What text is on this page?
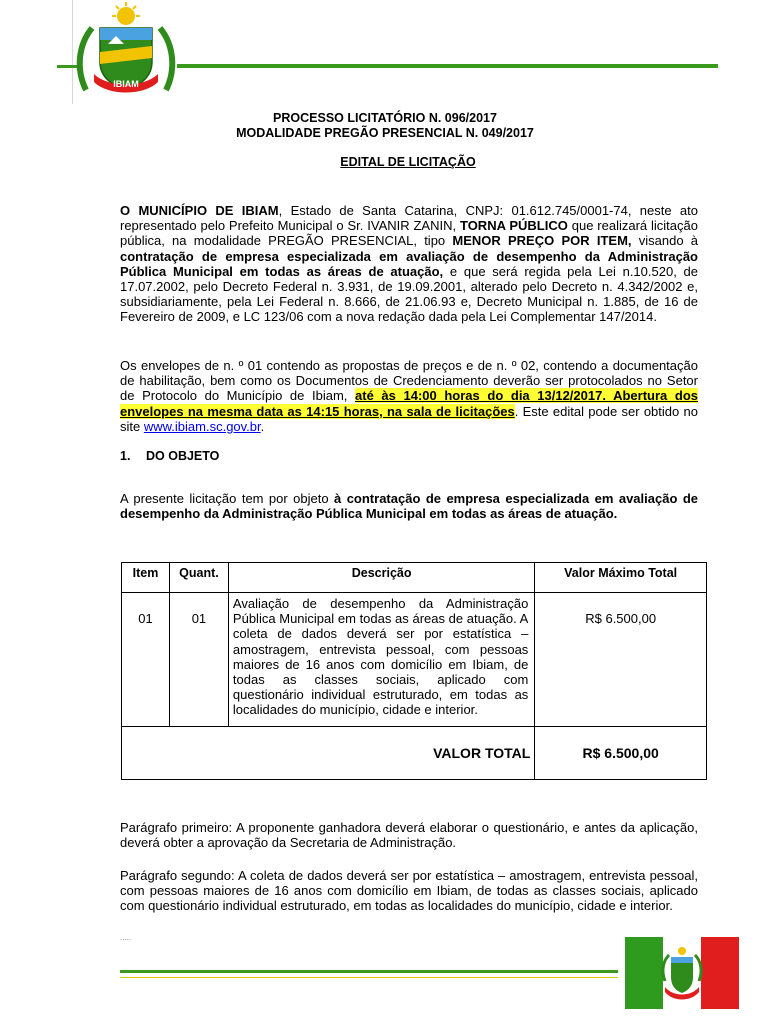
IBIAM
PROCESSO LICITATÓRIO N. 096/2017
MODALIDADE PREGÃO PRESENCIAL N. 049/2017
EDITAL DE LICITAÇÃO
O MUNICÍPIO DE IBIAM, Estado de Santa Catarina, CNPJ: 01.612.745/0001-74, neste ato representado pelo Prefeito Municipal o Sr. IVANIR ZANIN, TORNA PÚBLICO que realizará licitação pública, na modalidade PREGÃO PRESENCIAL, tipo MENOR PREÇO POR ITEM, visando à contratação de empresa especializada em avaliação de desempenho da Administração Pública Municipal em todas as áreas de atuação, e que será regida pela Lei n.10.520, de 17.07.2002, pelo Decreto Federal n. 3.931, de 19.09.2001, alterado pelo Decreto n. 4.342/2002 e, subsidiariamente, pela Lei Federal n. 8.666, de 21.06.93 e, Decreto Municipal n. 1.885, de 16 de Fevereiro de 2009, e LC 123/06 com a nova redação dada pela Lei Complementar 147/2014.
Os envelopes de n. º 01 contendo as propostas de preços e de n. º 02, contendo a documentação de habilitação, bem como os Documentos de Credenciamento deverão ser protocolados no Setor de Protocolo do Município de Ibiam, até às 14:00 horas do dia 13/12/2017. Abertura dos envelopes na mesma data as 14:15 horas, na sala de licitações. Este edital pode ser obtido no site www.ibiam.sc.gov.br.
1. DO OBJETO
A presente licitação tem por objeto à contratação de empresa especializada em avaliação de desempenho da Administração Pública Municipal em todas as áreas de atuação.
Item	Quant.	Descrição	Valor Máximo Total
01	01	Avaliação de desempenho da Administração Pública Municipal em todas as áreas de atuação. A coleta de dados deverá ser por estatística – amostragem, entrevista pessoal, com pessoas maiores de 16 anos com domicílio em Ibiam, de todas as classes sociais, aplicado com questionário individual estruturado, em todas as localidades do município, cidade e interior.	R$ 6.500,00
VALOR TOTAL			R$ 6.500,00
Parágrafo primeiro: A proponente ganhadora deverá elaborar o questionário, e antes da aplicação, deverá obter a aprovação da Secretaria de Administração.
Parágrafo segundo: A coleta de dados deverá ser por estatística – amostragem, entrevista pessoal, com pessoas maiores de 16 anos com domicílio em Ibiam, de todas as classes sociais, aplicado com questionário individual estruturado, em todas as localidades do município, cidade e interior.
.....
